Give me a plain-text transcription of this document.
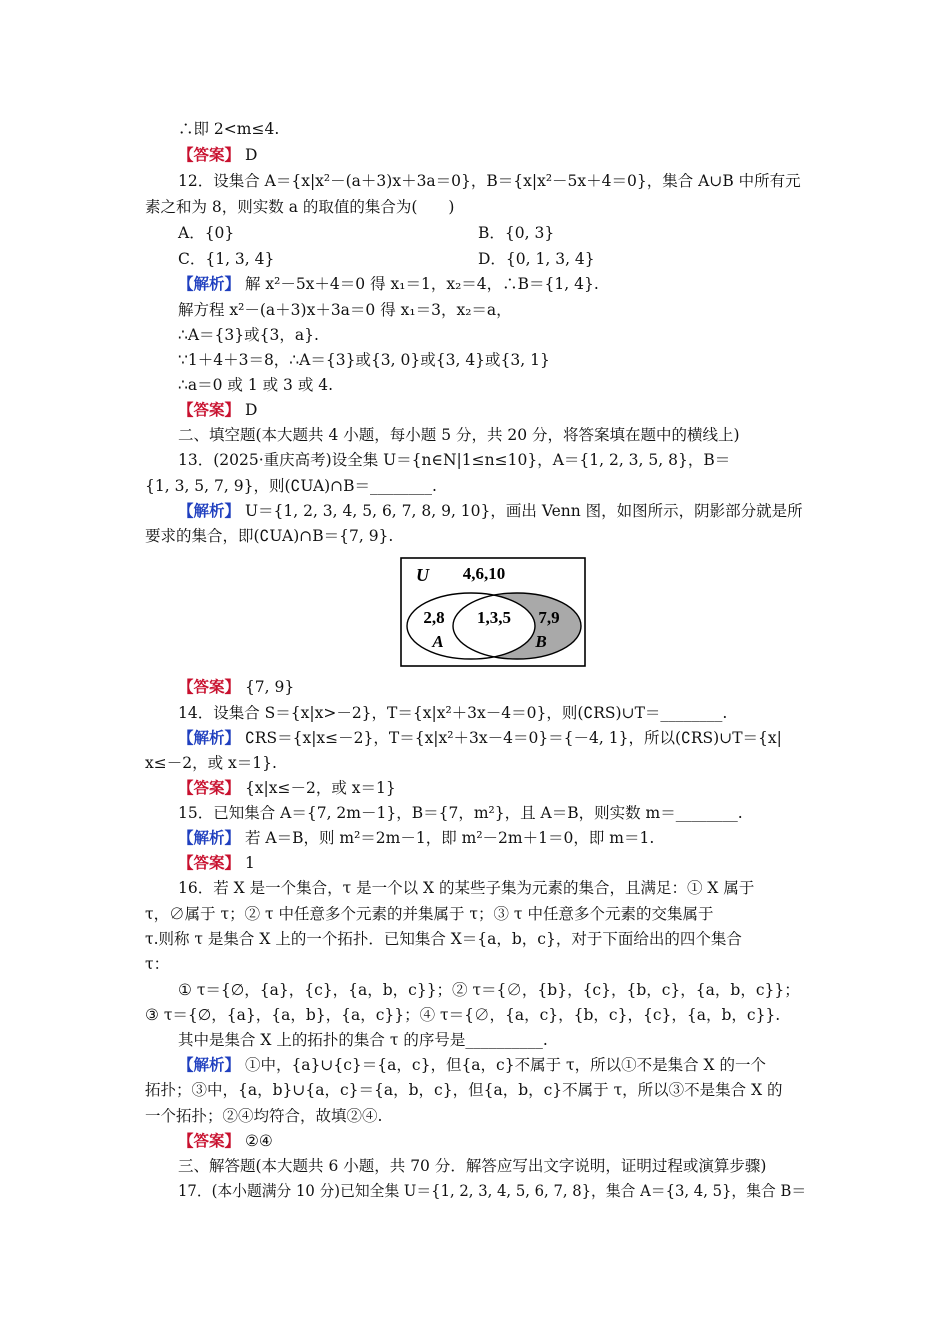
∴即 2<m≤4.
【答案】 D
12．设集合 A＝{x|x²－(a＋3)x＋3a＝0}，B＝{x|x²－5x＋4＝0}，集合 A∪B 中所有元
素之和为 8，则实数 a 的取值的集合为(　　)
A．{0}	B．{0, 3}
C．{1, 3, 4}	D．{0, 1, 3, 4}
【解析】 解 x²－5x＋4＝0 得 x₁＝1，x₂＝4，∴B＝{1, 4}.
解方程 x²－(a＋3)x＋3a＝0 得 x₁＝3，x₂＝a，
∴A＝{3}或{3，a}.
∵1＋4＋3＝8，∴A＝{3}或{3, 0}或{3, 4}或{3, 1}
∴a＝0 或 1 或 3 或 4.
【答案】 D
二、填空题(本大题共 4 小题，每小题 5 分，共 20 分，将答案填在题中的横线上)
13．(2025·重庆高考)设全集 U＝{n∈N|1≤n≤10}，A＝{1, 2, 3, 5, 8}，B＝
{1, 3, 5, 7, 9}，则(∁UA)∩B＝________.
【解析】 U＝{1, 2, 3, 4, 5, 6, 7, 8, 9, 10}，画出 Venn 图，如图所示，阴影部分就是所
要求的集合，即(∁UA)∩B＝{7, 9}.
U 4,6,10
2,8
A
1,3,5 7,9
B
【答案】 {7, 9}
14．设集合 S＝{x|x>－2}，T＝{x|x²＋3x－4＝0}，则(∁RS)∪T＝________.
【解析】 ∁RS＝{x|x≤－2}，T＝{x|x²＋3x－4＝0}＝{－4, 1}，所以(∁RS)∪T＝{x|
x≤－2，或 x＝1}.
【答案】 {x|x≤－2，或 x＝1}
15．已知集合 A＝{7, 2m－1}，B＝{7，m²}，且 A＝B，则实数 m＝________.
【解析】 若 A＝B，则 m²＝2m－1，即 m²－2m＋1＝0，即 m＝1.
【答案】 1
16．若 X 是一个集合，τ 是一个以 X 的某些子集为元素的集合，且满足：① X 属于
τ，∅属于 τ；② τ 中任意多个元素的并集属于 τ；③ τ 中任意多个元素的交集属于
τ.则称 τ 是集合 X 上的一个拓扑．已知集合 X＝{a，b，c}，对于下面给出的四个集合
τ：
① τ＝{∅，{a}，{c}，{a，b，c}}；② τ＝{∅，{b}，{c}，{b，c}，{a，b，c}}；
③ τ＝{∅，{a}，{a，b}，{a，c}}；④ τ＝{∅，{a，c}，{b，c}，{c}，{a，b，c}}.
其中是集合 X 上的拓扑的集合 τ 的序号是__________.
【解析】 ①中，{a}∪{c}＝{a，c}，但{a，c}不属于 τ，所以①不是集合 X 的一个
拓扑；③中，{a，b}∪{a，c}＝{a，b，c}，但{a，b，c}不属于 τ，所以③不是集合 X 的
一个拓扑；②④均符合，故填②④.
【答案】 ②④
三、解答题(本大题共 6 小题，共 70 分．解答应写出文字说明，证明过程或演算步骤)
17．(本小题满分 10 分)已知全集 U＝{1, 2, 3, 4, 5, 6, 7, 8}，集合 A＝{3, 4, 5}，集合 B＝
